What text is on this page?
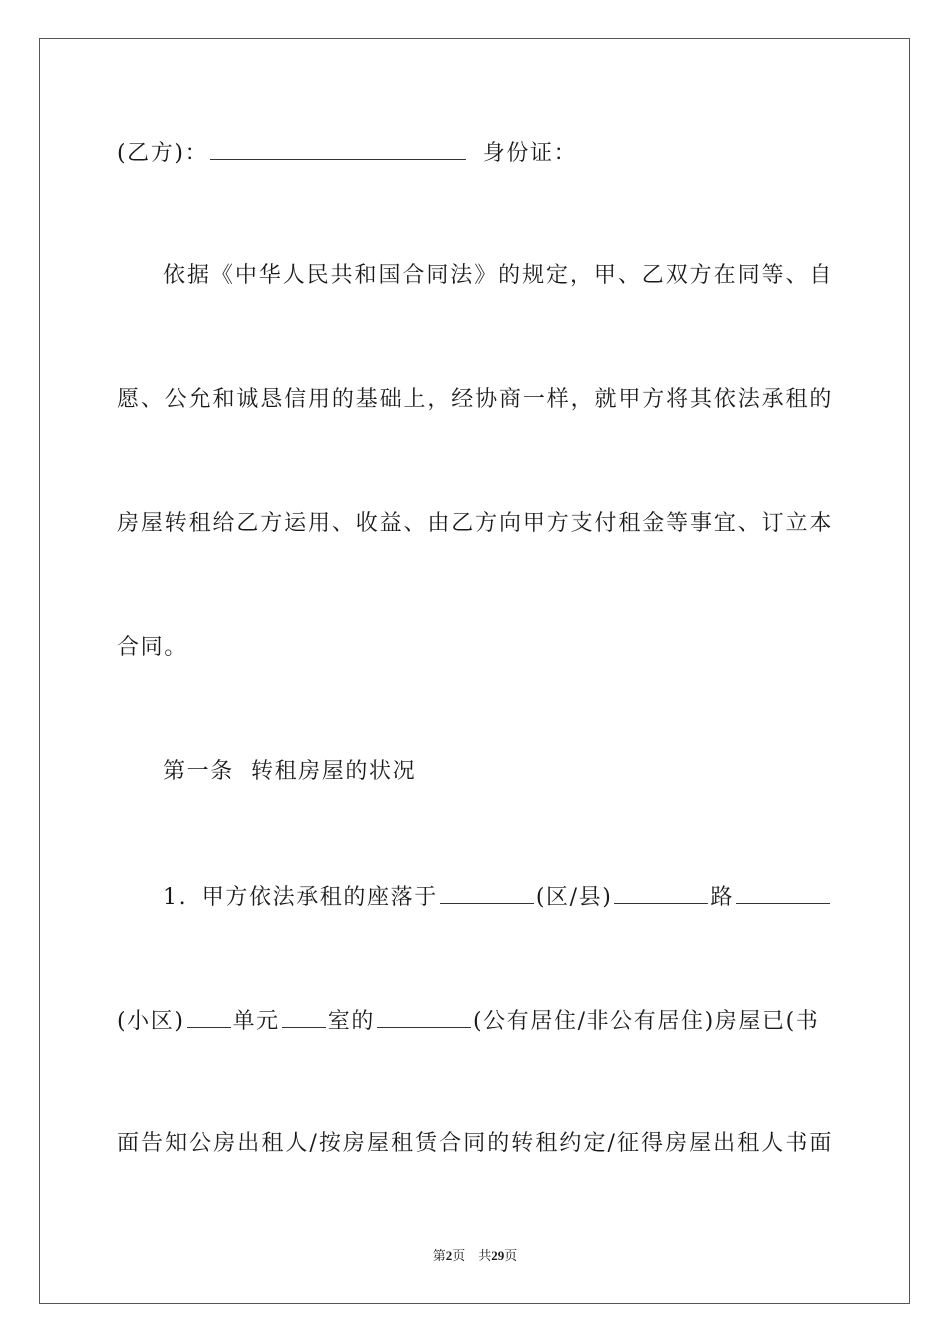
(乙方)：	身份证：
依据《中华人民共和国合同法》的规定，甲、乙双方在同等、自
愿、公允和诚恳信用的基础上，经协商一样，就甲方将其依法承租的
房屋转租给乙方运用、收益、由乙方向甲方支付租金等事宜、订立本
合同。
第一条  转租房屋的状况
1. 甲方依法承租的座落于	(区/县)	路
(小区) 单元 室的	(公有居住/非公有居住)房屋已(书
面告知公房出租人/按房屋租赁合同的转租约定/征得房屋出租人书面
第2页 共29页
